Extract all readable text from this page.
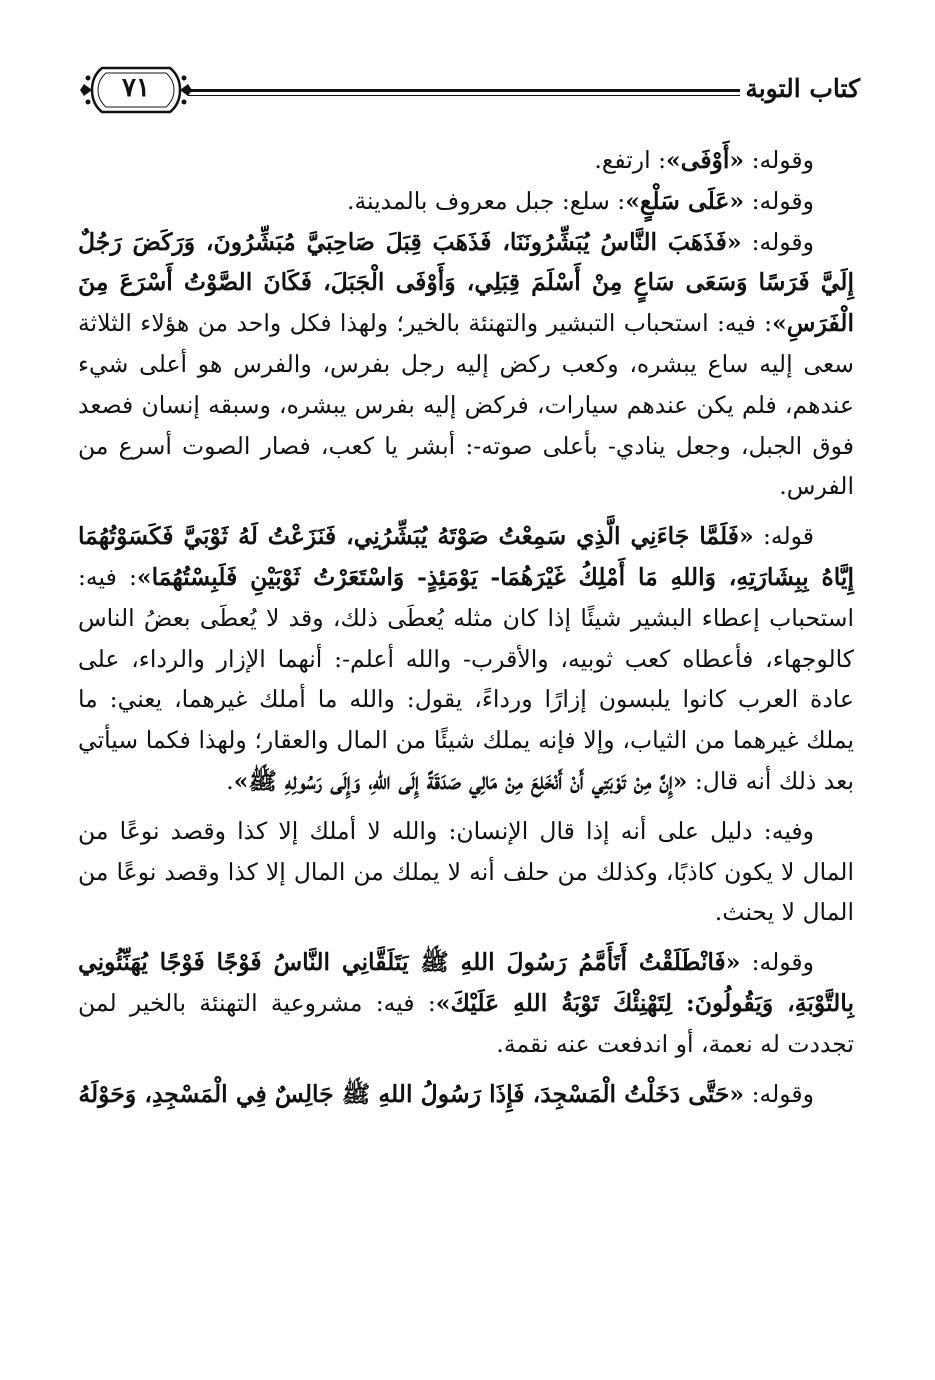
كتاب التوبة
٧١

وقوله: «أَوْفَى»: ارتفع.

وقوله: «عَلَى سَلْعٍ»: سلع: جبل معروف بالمدينة.

وقوله: «فَذَهَبَ النَّاسُ يُبَشِّرُونَنَا، فَذَهَبَ قِبَلَ صَاحِبَيَّ مُبَشِّرُونَ، وَرَكَضَ رَجُلٌ إِلَيَّ فَرَسًا وَسَعَى سَاعٍ مِنْ أَسْلَمَ قِبَلِي، وَأَوْفَى الْجَبَلَ، فَكَانَ الصَّوْتُ أَسْرَعَ مِنَ الْفَرَسِ»: فيه: استحباب التبشير والتهنئة بالخير؛ ولهذا فكل واحد من هؤلاء الثلاثة سعى إليه ساع يبشره، وكعب ركض إليه رجل بفرس، والفرس هو أعلى شيء عندهم، فلم يكن عندهم سيارات، فركض إليه بفرس يبشره، وسبقه إنسان فصعد فوق الجبل، وجعل ينادي- بأعلى صوته-: أبشر يا كعب، فصار الصوت أسرع من الفرس.

قوله: «فَلَمَّا جَاءَنِي الَّذِي سَمِعْتُ صَوْتَهُ يُبَشِّرُنِي، فَنَزَعْتُ لَهُ ثَوْبَيَّ فَكَسَوْتُهُمَا إِيَّاهُ بِبِشَارَتِهِ، وَاللهِ مَا أَمْلِكُ غَيْرَهُمَا- يَوْمَئِذٍ- وَاسْتَعَرْتُ ثَوْبَيْنِ فَلَبِسْتُهُمَا»: فيه: استحباب إعطاء البشير شيئًا إذا كان مثله يُعطَى ذلك، وقد لا يُعطَى بعضُ الناس كالوجهاء، فأعطاه كعب ثوبيه، والأقرب- والله أعلم-: أنهما الإزار والرداء، على عادة العرب كانوا يلبسون إزارًا ورداءً، يقول: والله ما أملك غيرهما، يعني: ما يملك غيرهما من الثياب، وإلا فإنه يملك شيئًا من المال والعقار؛ ولهذا فكما سيأتي بعد ذلك أنه قال: «إِنَّ مِنْ تَوْبَتِي أَنْ أَنْخَلِعَ مِنْ مَالِي صَدَقَةً إِلَى اللهِ، وَإِلَى رَسُولِهِ ﷺ».

وفيه: دليل على أنه إذا قال الإنسان: والله لا أملك إلا كذا وقصد نوعًا من المال لا يكون كاذبًا، وكذلك من حلف أنه لا يملك من المال إلا كذا وقصد نوعًا من المال لا يحنث.

وقوله: «فَانْطَلَقْتُ أَتَأَمَّمُ رَسُولَ اللهِ ﷺ يَتَلَقَّانِي النَّاسُ فَوْجًا فَوْجًا يُهَنِّئُونِي بِالتَّوْبَةِ، وَيَقُولُونَ: لِتَهْنِئْكَ تَوْبَةُ اللهِ عَلَيْكَ»: فيه: مشروعية التهنئة بالخير لمن تجددت له نعمة، أو اندفعت عنه نقمة.

وقوله: «حَتَّى دَخَلْتُ الْمَسْجِدَ، فَإِذَا رَسُولُ اللهِ ﷺ جَالِسٌ فِي الْمَسْجِدِ، وَحَوْلَهُ
